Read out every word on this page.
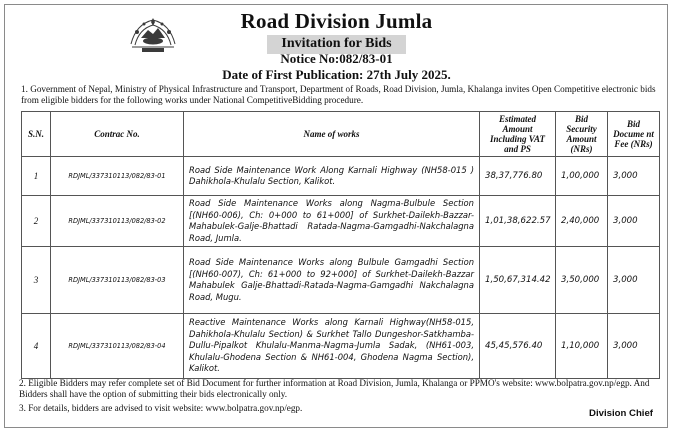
Road Division Jumla
Invitation for Bids
Notice No:082/83-01
Date of First Publication: 27th July 2025.
1. Government of Nepal, Ministry of Physical Infrastructure and Transport, Department of Roads, Road Division, Jumla, Khalanga invites Open Competitive electronic bids from eligible bidders for the following works under National CompetitiveBidding procedure.
S.N.	Contrac No.	Name of works	Estimated Amount Including VAT and PS	Bid Security Amount (NRs)	Bid Docume nt Fee (NRs)
1	RDJML/337310113/082/83-01	Road Side Maintenance Work Along Karnali Highway (NH58-015 ) Dahikhola-Khulalu Section, Kalikot.	38,37,776.80	1,00,000	3,000
2	RDJML/337310113/082/83-02	Road Side Maintenance Works along Nagma-Bulbule Section [(NH60-006), Ch: 0+000 to 61+000] of Surkhet-Dailekh-Bazzar-Mahabulek-Galje-Bhattadi Ratada-Nagma-Gamgadhi-Nakchalagna Road, Jumla.	1,01,38,622.57	2,40,000	3,000
3	RDJML/337310113/082/83-03	Road Side Maintenance Works along Bulbule Gamgadhi Section [(NH60-007), Ch: 61+000 to 92+000] of Surkhet-Dailekh-Bazzar Mahabulek Galje-Bhattadi-Ratada-Nagma-Gamgadhi Nakchalagna Road, Mugu.	1,50,67,314.42	3,50,000	3,000
4	RDJML/337310113/082/83-04	Reactive Maintenance Works along Karnali Highway(NH58-015, Dahikhola-Khulalu Section) & Surkhet Tallo Dungeshor-Satkhamba-Dullu-Pipalkot Khulalu-Manma-Nagma-Jumla Sadak, (NH61-003, Khulalu-Ghodena Section & NH61-004, Ghodena Nagma Section), Kalikot.	45,45,576.40	1,10,000	3,000
2. Eligible Bidders may refer complete set of Bid Document for further information at Road Division, Jumla, Khalanga or PPMO's website: www.bolpatra.gov.np/egp. And Bidders shall have the option of submitting their bids electronically only.
3. For details, bidders are advised to visit website: www.bolpatra.gov.np/egp.	Division Chief
